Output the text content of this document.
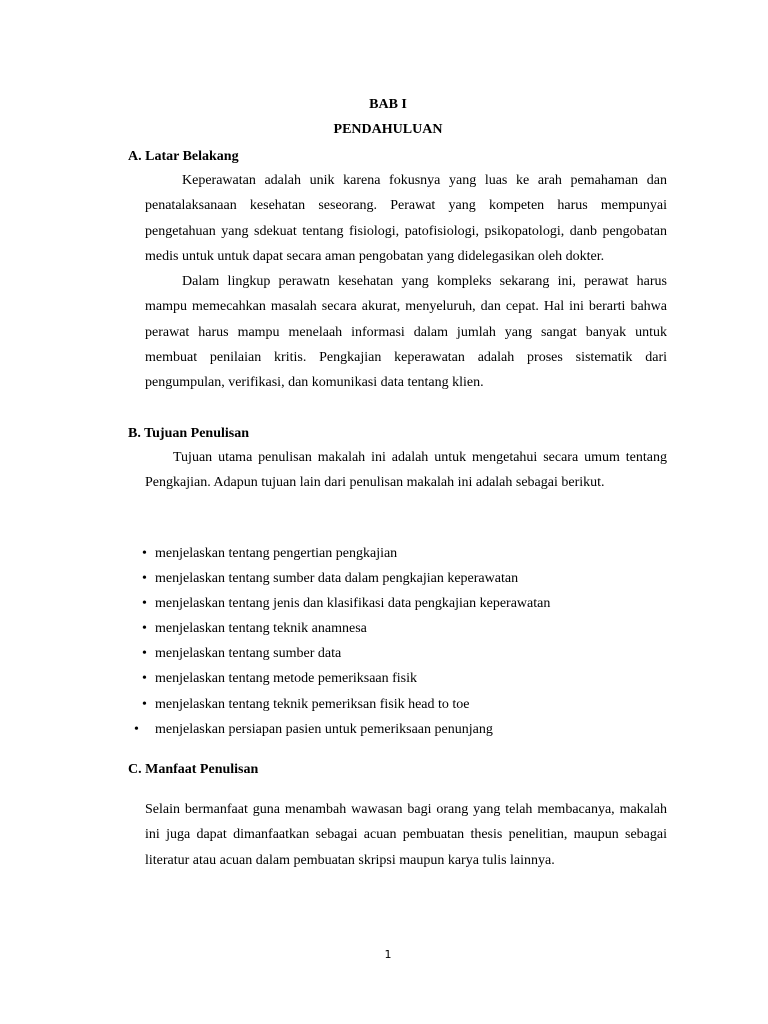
BAB I
PENDAHULUAN
A. Latar Belakang

Keperawatan adalah unik karena fokusnya yang luas ke arah pemahaman dan penatalaksanaan kesehatan seseorang. Perawat yang kompeten harus mempunyai pengetahuan yang sdekuat tentang fisiologi, patofisiologi, psikopatologi, danb pengobatan medis untuk untuk dapat secara aman pengobatan yang didelegasikan oleh dokter.

Dalam lingkup perawatn kesehatan yang kompleks sekarang ini, perawat harus mampu memecahkan masalah secara akurat, menyeluruh, dan cepat. Hal ini berarti bahwa perawat harus mampu menelaah informasi dalam jumlah yang sangat banyak untuk membuat penilaian kritis. Pengkajian keperawatan adalah proses sistematik dari pengumpulan, verifikasi, dan komunikasi data tentang klien.

B. Tujuan Penulisan

Tujuan utama penulisan makalah ini adalah untuk mengetahui secara umum tentang Pengkajian. Adapun tujuan lain dari penulisan makalah ini adalah sebagai berikut.

• menjelaskan tentang pengertian pengkajian
• menjelaskan tentang sumber data dalam pengkajian keperawatan
• menjelaskan tentang jenis dan klasifikasi data pengkajian keperawatan
• menjelaskan tentang teknik anamnesa
• menjelaskan tentang sumber data
• menjelaskan tentang metode pemeriksaan fisik
• menjelaskan tentang teknik pemeriksan fisik head to toe
• menjelaskan persiapan pasien untuk pemeriksaan penunjang
C. Manfaat Penulisan

Selain bermanfaat guna menambah wawasan bagi orang yang telah membacanya, makalah ini juga dapat dimanfaatkan sebagai acuan pembuatan thesis penelitian, maupun sebagai literatur atau acuan dalam pembuatan skripsi maupun karya tulis lainnya.

1
